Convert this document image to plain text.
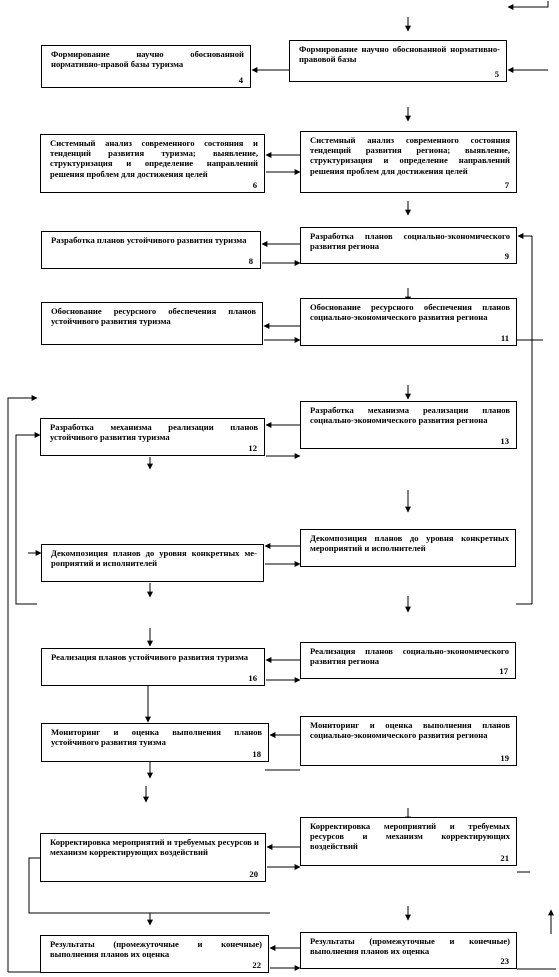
Формирование научно обоснованной нормативно-правой базы туризма
4
Системный анализ современного состояния и тенденций развития туризма; выявление, структуризация и определение направлений решения проблем для достижения целей
6
Разработка планов устойчивого развития туризма
8
Обоснование ресурсного обеспечения планов устойчивого развития туризма
Разработка механизма реализации планов устойчивого развития туризма
12
Декомпозиция планов до уровня конкретных ме-роприятий и исполнителей
Реализация планов устойчивого развития туризма
16
Мониторинг и оценка выполнения планов устойчивого развития туизма
18
Корректировка мероприятий и требуемых ресурсов и механизм корректирующих воздействий
20
Результаты (промежуточные и конечные) выполнения планов их оценка
22
Формирование научно обоснованной нормативно-правовой базы
5
Системный анализ современного состояния тенденций развития региона; выявление, структуризация и определение направлений решения проблем для достижения целей
7
Разработка планов социально-экономического развития региона
9
Обоснование ресурсного обеспечения планов социально-экономического развития региона
11
Разработка механизма реализации планов социально-экономического развития региона
13
Декомпозиция планов до уровня конкретных мероприятий и исполнителей
Реализация планов социально-экономического развития региона
17
Мониторинг и оценка выполнения планов социально-экономического развития региона
19
Корректировка мероприятий и требуемых ресурсов и механизм корректирующих воздействий
21
Результаты (промежуточные и конечные) выполнения планов их оценка
23
